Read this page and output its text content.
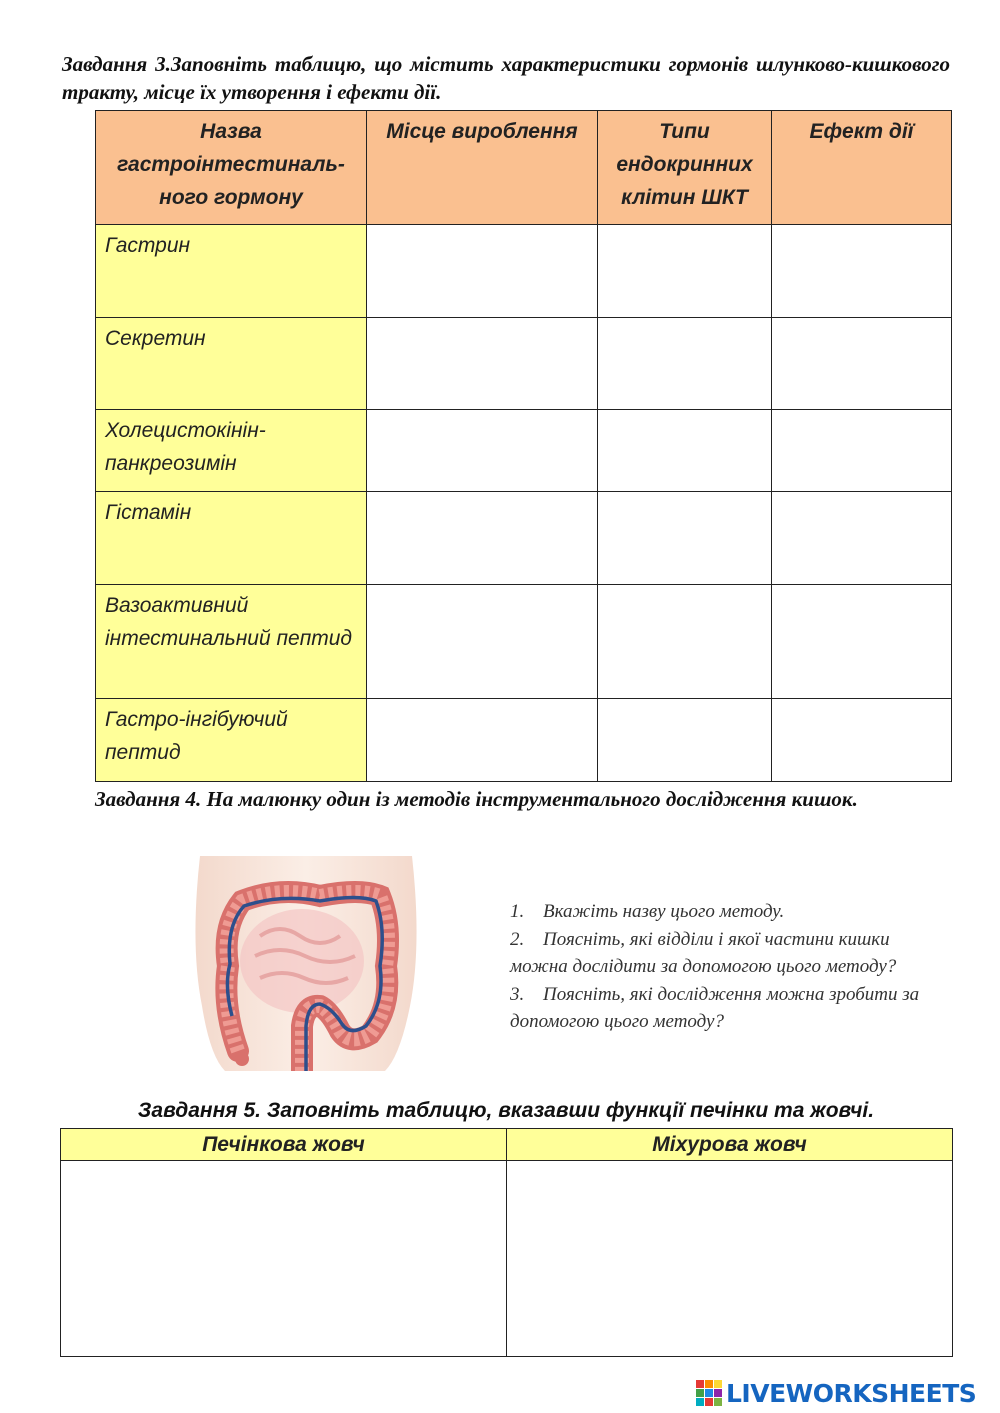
Завдання 3.Заповніть таблицю, що містить характеристики гормонів шлунково-кишкового тракту, місце їх утворення і ефекти дії.
Назва гастроінтестиналь-ного гормону	Місце вироблення	Типи ендокринних клітин ШКТ	Ефект дії
Гастрин			
Секретин			
Холецистокінін-панкреозимін			
Гістамін			
Вазоактивний інтестинальний пептид			
Гастро-інгібуючий пептид			
Завдання 4. На малюнку один із методів інструментального дослідження кишок.
1. Вкажіть назву цього методу.
2. Поясніть, які відділи і якої частини кишки можна дослідити за допомогою цього методу?
3. Поясніть, які дослідження можна зробити за допомогою цього методу?
Завдання 5. Заповніть таблицю, вказавши функції печінки та жовчі.
Печінкова жовч	Міхурова жовч

LIVEWORKSHEETS
